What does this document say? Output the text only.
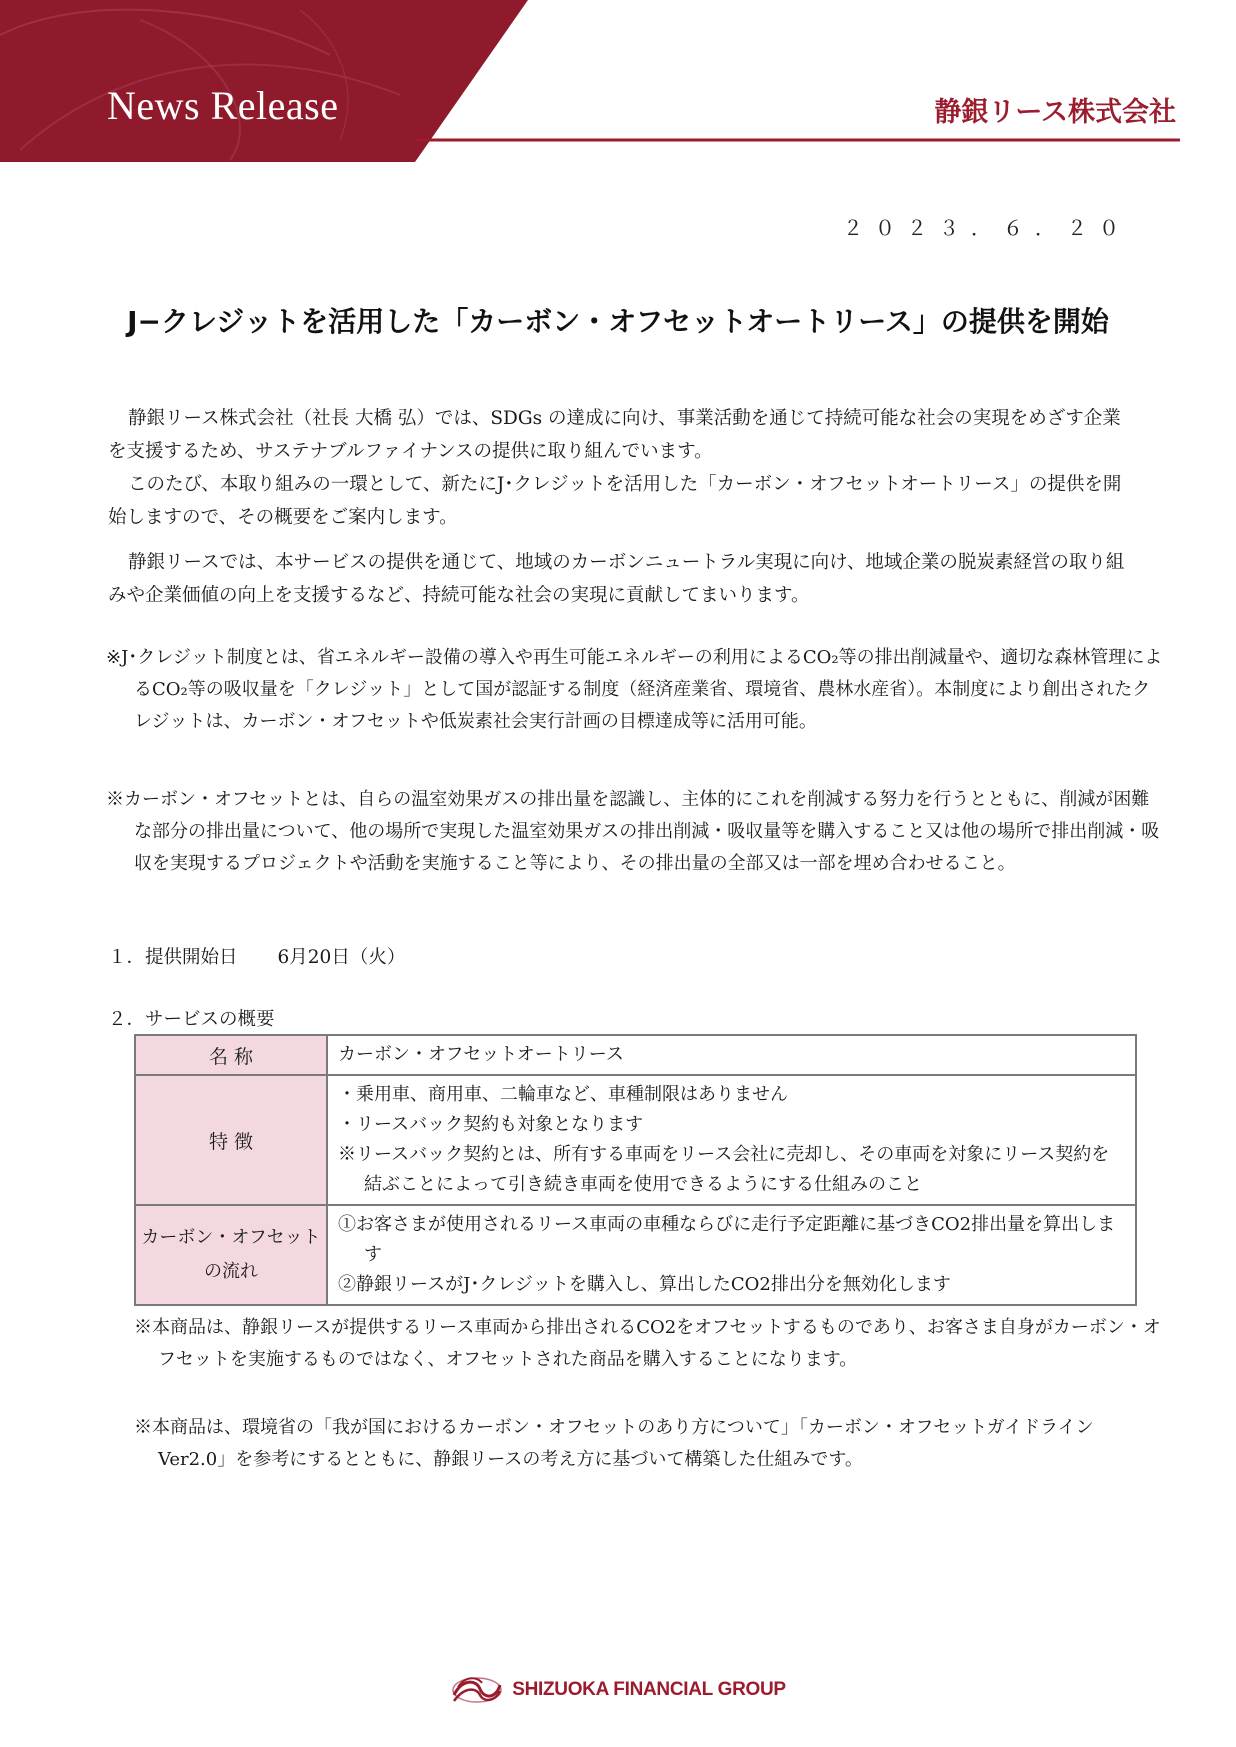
News Release	静銀リース株式会社
２０２３．６．２０
J−クレジットを活用した「カーボン・オフセットオートリース」の提供を開始

静銀リース株式会社（社長 大橋 弘）では、SDGs の達成に向け、事業活動を通じて持続可能な社会の実現をめざす企業を支援するため、サステナブルファイナンスの提供に取り組んでいます。

このたび、本取り組みの一環として、新たにJ･クレジットを活用した「カーボン・オフセットオートリース」の提供を開始しますので、その概要をご案内します。

静銀リースでは、本サービスの提供を通じて、地域のカーボンニュートラル実現に向け、地域企業の脱炭素経営の取り組みや企業価値の向上を支援するなど、持続可能な社会の実現に貢献してまいります。

※J･クレジット制度とは、省エネルギー設備の導入や再生可能エネルギーの利用によるCO₂等の排出削減量や、適切な森林管理によるCO₂等の吸収量を「クレジット」として国が認証する制度（経済産業省、環境省、農林水産省）。本制度により創出されたクレジットは、カーボン・オフセットや低炭素社会実行計画の目標達成等に活用可能。

※カーボン・オフセットとは、自らの温室効果ガスの排出量を認識し、主体的にこれを削減する努力を行うとともに、削減が困難な部分の排出量について、他の場所で実現した温室効果ガスの排出削減・吸収量等を購入すること又は他の場所で排出削減・吸収を実現するプロジェクトや活動を実施すること等により、その排出量の全部又は一部を埋め合わせること。

１．提供開始日 6月20日（火）

２．サービスの概要

名 称	カーボン・オフセットオートリース
特 徴	・乗用車、商用車、二輪車など、車種制限はありません
・リースバック契約も対象となります
※リースバック契約とは、所有する車両をリース会社に売却し、その車両を対象にリース契約を結ぶことによって引き続き車両を使用できるようにする仕組みのこと

カーボン・オフセット
の流れ	①お客さまが使用されるリース車両の車種ならびに走行予定距離に基づきCO2排出量を算出します
②静銀リースがJ･クレジットを購入し、算出したCO2排出分を無効化します

※本商品は、静銀リースが提供するリース車両から排出されるCO2をオフセットするものであり、お客さま自身がカーボン・オフセットを実施するものではなく、オフセットされた商品を購入することになります。

※本商品は、環境省の「我が国におけるカーボン・オフセットのあり方について」「カーボン・オフセットガイドラインVer2.0」を参考にするとともに、静銀リースの考え方に基づいて構築した仕組みです。

SHIZUOKA FINANCIAL GROUP
